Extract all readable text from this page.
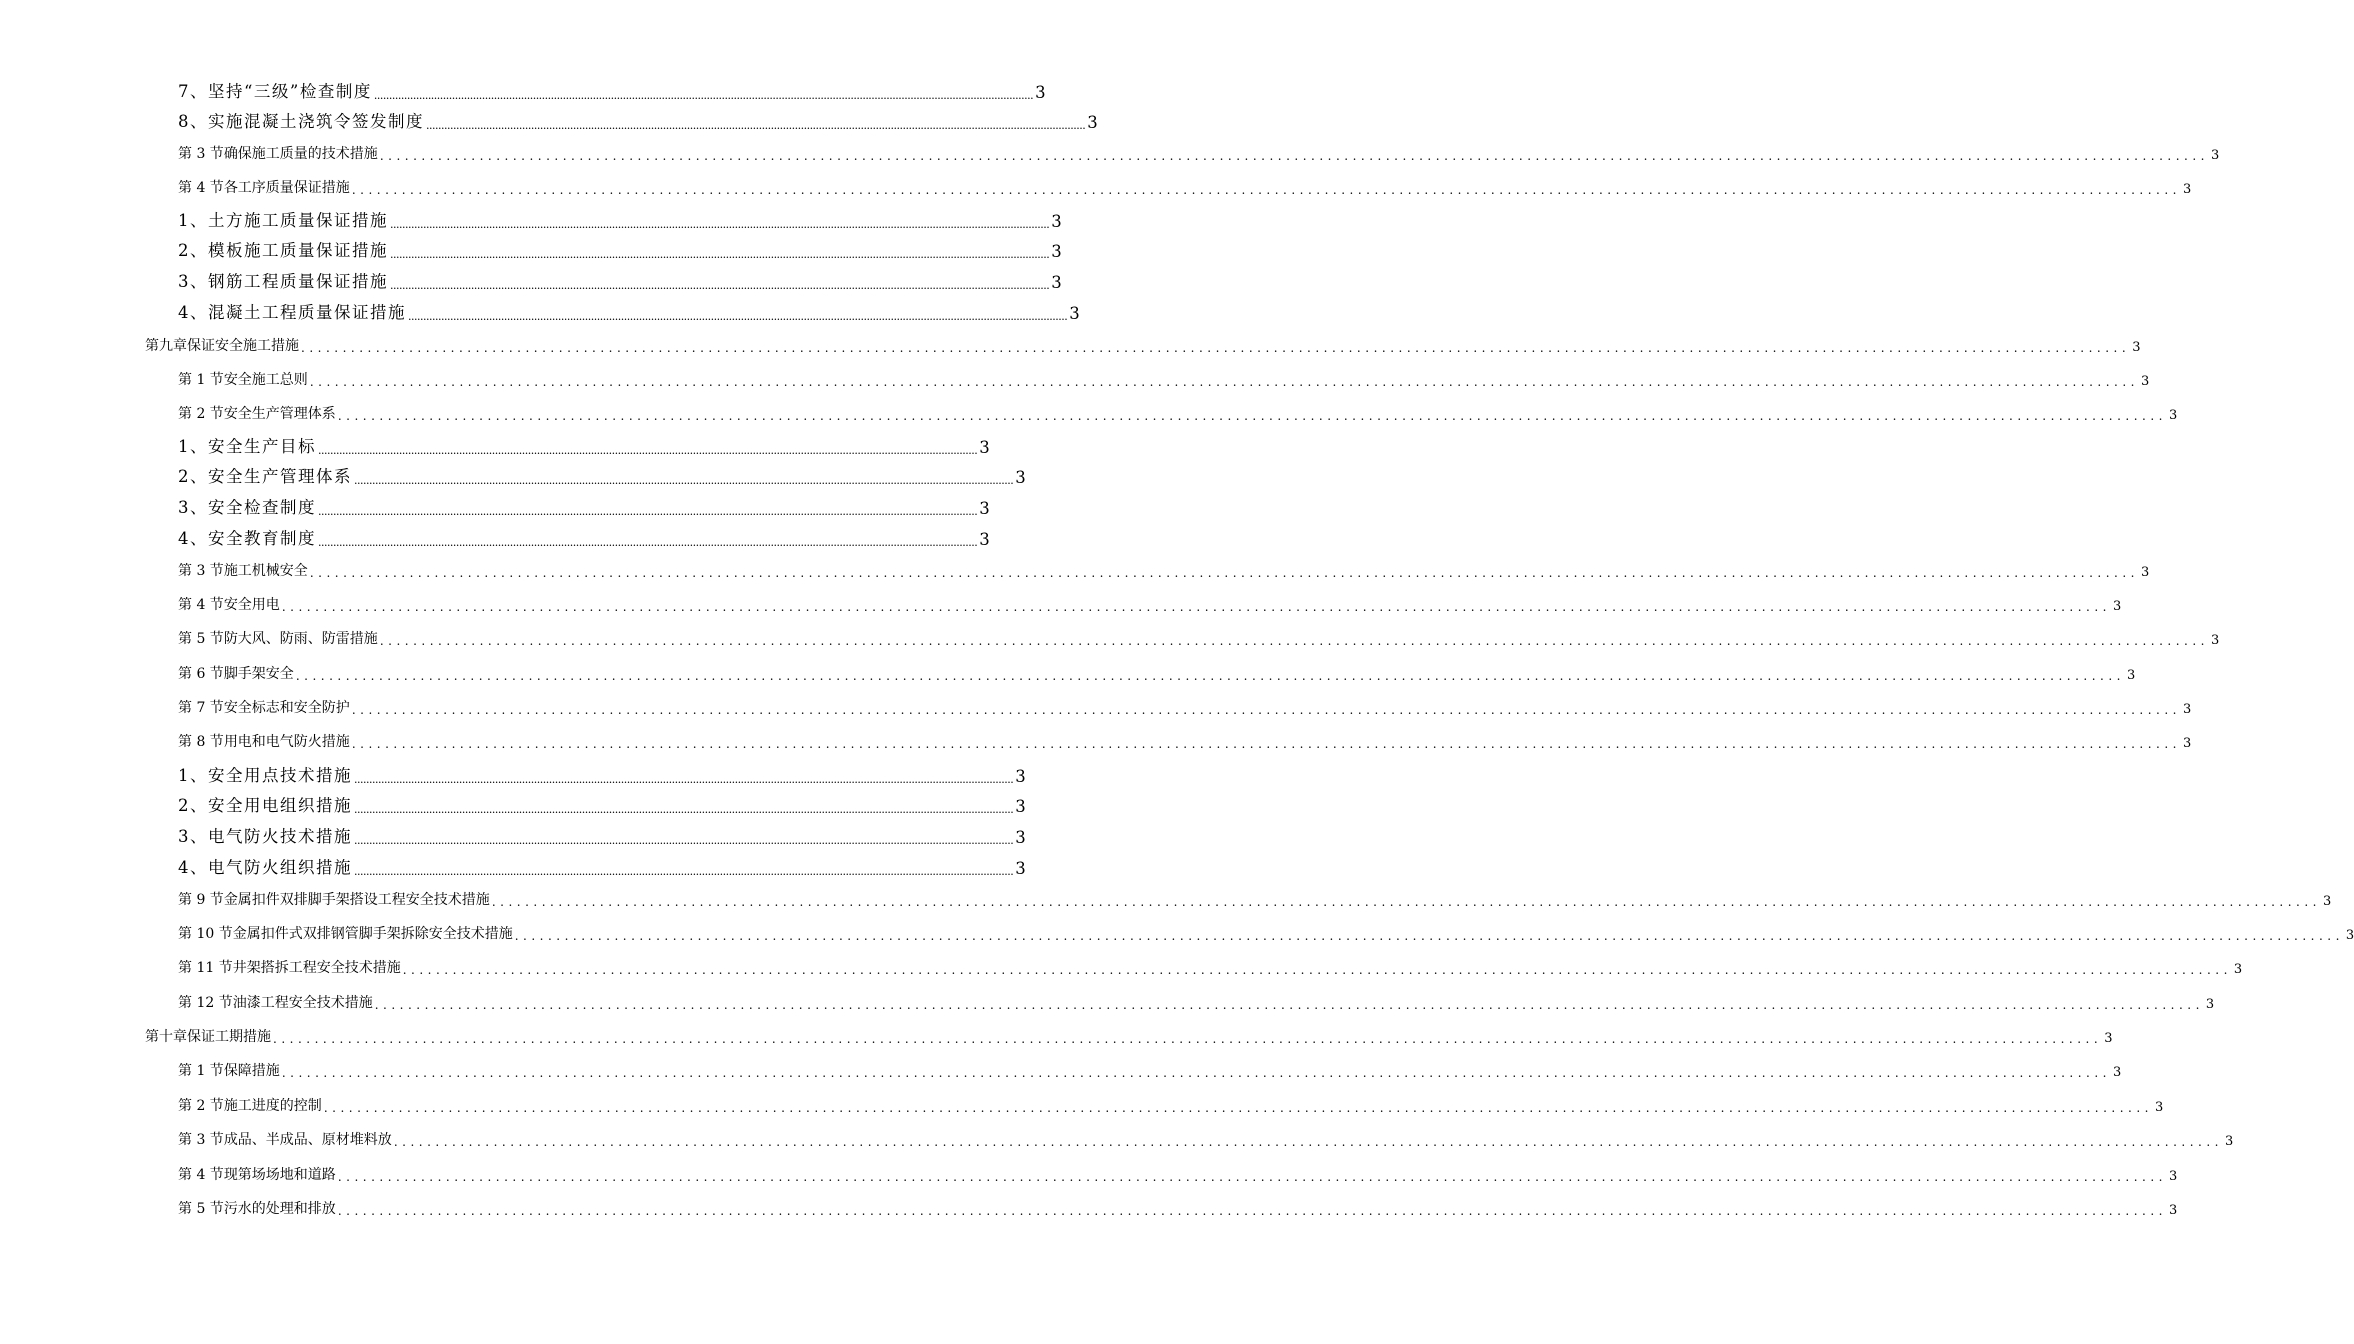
7、 坚持“三级”检查制度 ............................................................................................................................................................................................................................ 3
8、 实施混凝土浇筑令签发制度 ............................................................................................................................................................................................................................ 3
第 3 节 确保施工质量的技术措施 ............................................................................................................................................................................................................................ 3
第 4 节 各工序质量保证措施 ............................................................................................................................................................................................................................ 3
1、 土方施工质量保证措施 ............................................................................................................................................................................................................................ 3
2、 模板施工质量保证措施 ............................................................................................................................................................................................................................ 3
3、 钢筋工程质量保证措施 ............................................................................................................................................................................................................................ 3
4、 混凝土工程质量保证措施 ............................................................................................................................................................................................................................ 3
第九章 保证安全施工措施 ............................................................................................................................................................................................................................ 3
第 1 节 安全施工总则 ............................................................................................................................................................................................................................ 3
第 2 节 安全生产管理体系 ............................................................................................................................................................................................................................ 3
1、 安全生产目标 ............................................................................................................................................................................................................................ 3
2、 安全生产管理体系 ............................................................................................................................................................................................................................ 3
3、 安全检查制度 ............................................................................................................................................................................................................................ 3
4、 安全教育制度 ............................................................................................................................................................................................................................ 3
第 3 节 施工机械安全 ............................................................................................................................................................................................................................ 3
第 4 节 安全用电 ............................................................................................................................................................................................................................ 3
第 5 节 防大风、防雨、防雷措施 ............................................................................................................................................................................................................................ 3
第 6 节 脚手架安全 ............................................................................................................................................................................................................................ 3
第 7 节 安全标志和安全防护 ............................................................................................................................................................................................................................ 3
第 8 节 用电和电气防火措施 ............................................................................................................................................................................................................................ 3
1、 安全用点技术措施 ............................................................................................................................................................................................................................ 3
2、 安全用电组织措施 ............................................................................................................................................................................................................................ 3
3、 电气防火技术措施 ............................................................................................................................................................................................................................ 3
4、 电气防火组织措施 ............................................................................................................................................................................................................................ 3
第 9 节 金属扣件双排脚手架搭设工程安全技术措施 ............................................................................................................................................................................................................................ 3
第 10 节 金属扣件式双排钢管脚手架拆除安全技术措施 ............................................................................................................................................................................................................................ 3
第 11 节 井架搭拆工程安全技术措施 ............................................................................................................................................................................................................................ 3
第 12 节 油漆工程安全技术措施 ............................................................................................................................................................................................................................ 3
第十章 保证工期措施 ............................................................................................................................................................................................................................ 3
第 1 节 保障措施 ............................................................................................................................................................................................................................ 3
第 2 节 施工进度的控制 ............................................................................................................................................................................................................................ 3
第 3 节 成品、半成品、原材堆料放 ............................................................................................................................................................................................................................ 3
第 4 节 现第场场地和道路 ............................................................................................................................................................................................................................ 3
第 5 节 污水的处理和排放 ............................................................................................................................................................................................................................ 3
